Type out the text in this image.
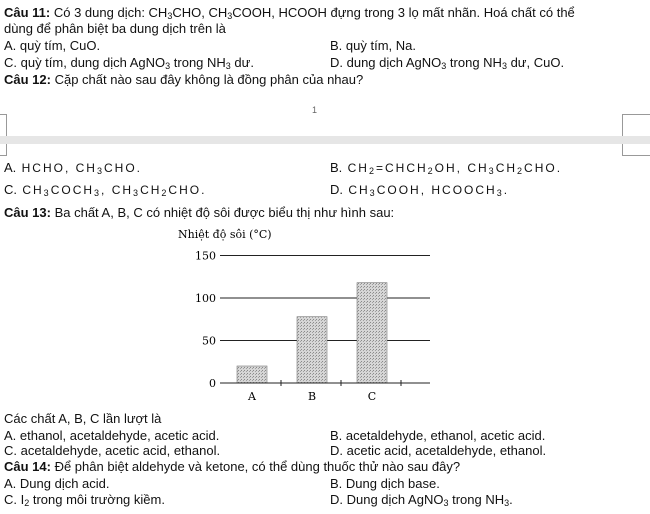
Câu 11: Có 3 dung dịch: $CH_3CHO$, $CH_3COOH$, HCOOH đựng trong 3 lọ mất nhãn. Hoá chất có thể
dùng để phân biệt ba dung dịch trên là
A. quỳ tím, CuO.	B. quỳ tím, Na.
C. quỳ tím, dung dịch AgNO$_3$ trong $NH_3$ dư.	D. dung dịch AgNO$_3$ trong $NH_3$ dư, CuO.
Câu 12: Cặp chất nào sau đây không là đồng phân của nhau?
1
A. HCHO, $CH_3CHO$.	B. $CH_2=CHCH_2OH$, $CH_3CH_2CHO$.
C. $CH_3COCH_3$, $CH_3CH_2CHO$.	D. $CH_3COOH$, $HCOOCH_3$.
Câu 13: Ba chất A, B, C có nhiệt độ sôi được biểu thị như hình sau:
Nhiệt độ sôi (°C)
0
50
100
150
A	B	C
Các chất A, B, C lần lượt là
A. ethanol, acetaldehyde, acetic acid.	B. acetaldehyde, ethanol, acetic acid.
C. acetaldehyde, acetic acid, ethanol.	D. acetic acid, acetaldehyde, ethanol.
Câu 14: Để phân biệt aldehyde và ketone, có thể dùng thuốc thử nào sau đây?
A. Dung dịch acid.	B. Dung dịch base.
C. $I_2$ trong môi trường kiềm.	D. Dung dịch AgNO$_3$ trong $NH_3$.
